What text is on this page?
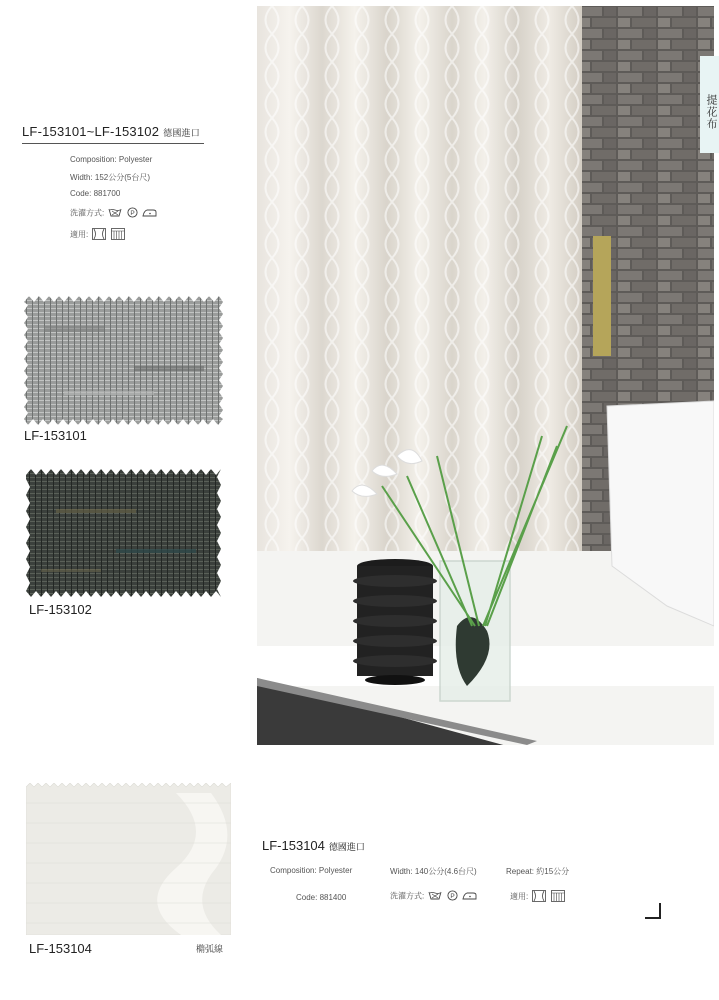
LF-153101~LF-153102 德國進口
Composition: Polyester
Width: 152公分(5台尺)
Code: 881700
洗濯方式:	P

適用:
LF-153101
LF-153102
提花布
LF-153104	橢弧線
LF-153104 德國進口
Composition: Polyester	Width: 140公分(4.6台尺)	Repeat: 約15公分
Code: 881400	洗濯方式:	P
	適用:
